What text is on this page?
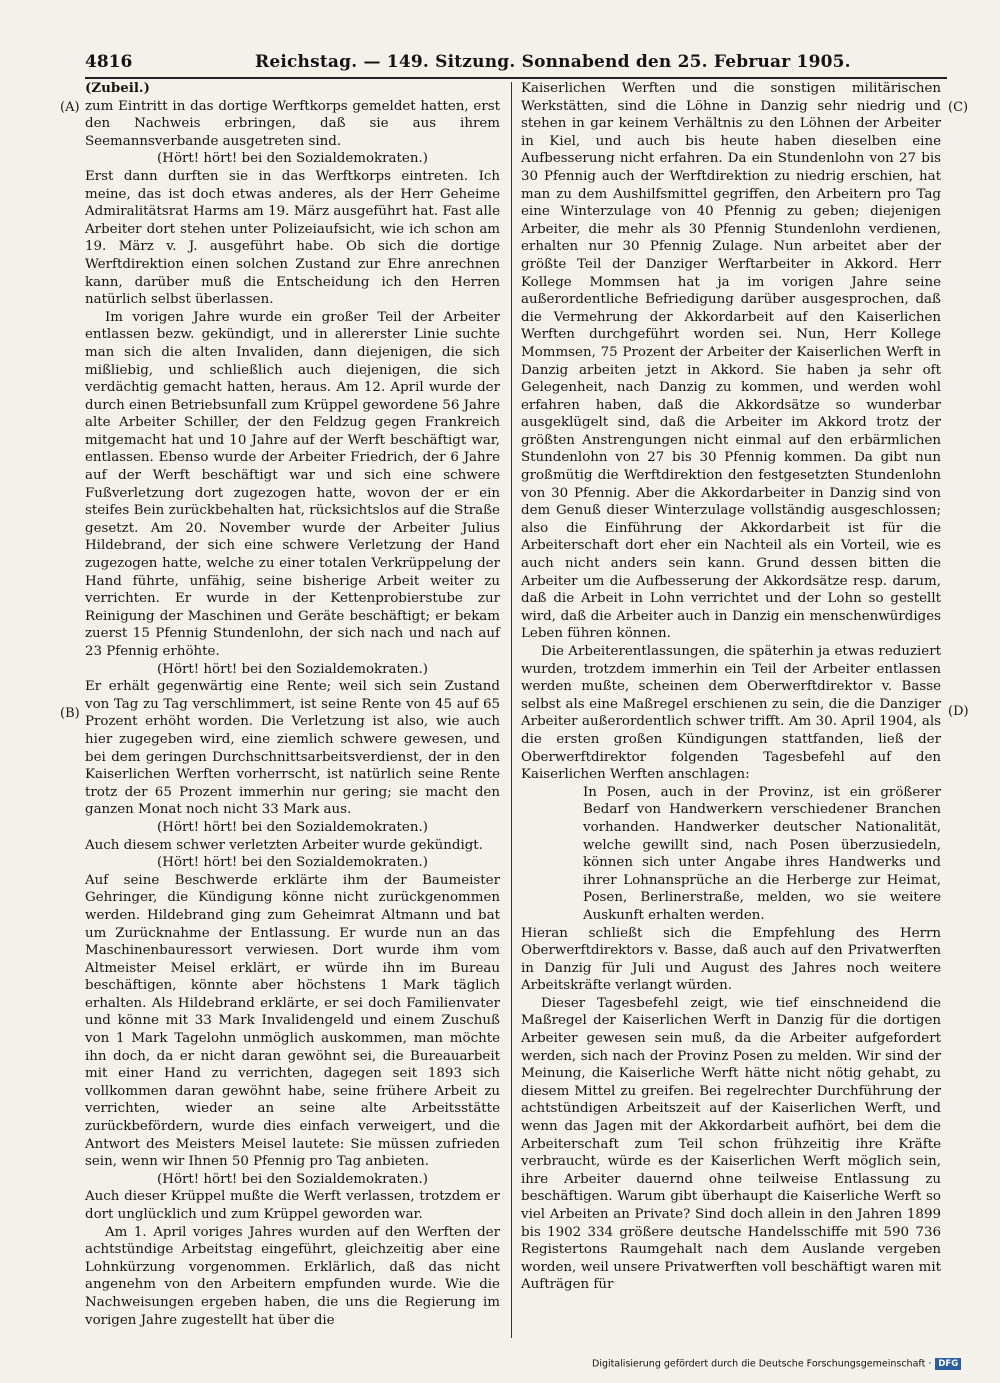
4816	Reichstag. — 149. Sitzung. Sonnabend den 25. Februar 1905.
(A)
(B)
(C)
(D)

(Zubeil.)

zum Eintritt in das dortige Werftkorps gemeldet hatten, erst den Nachweis erbringen, daß sie aus ihrem Seemannsverbande ausgetreten sind.

(Hört! hört! bei den Sozialdemokraten.)

Erst dann durften sie in das Werftkorps eintreten. Ich meine, das ist doch etwas anderes, als der Herr Geheime Admiralitätsrat Harms am 19. März ausgeführt hat. Fast alle Arbeiter dort stehen unter Polizeiaufsicht, wie ich schon am 19. März v. J. ausgeführt habe. Ob sich die dortige Werftdirektion einen solchen Zustand zur Ehre anrechnen kann, darüber muß die Entscheidung ich den Herren natürlich selbst überlassen.

Im vorigen Jahre wurde ein großer Teil der Arbeiter entlassen bezw. gekündigt, und in allererster Linie suchte man sich die alten Invaliden, dann diejenigen, die sich mißliebig, und schließlich auch diejenigen, die sich verdächtig gemacht hatten, heraus. Am 12. April wurde der durch einen Betriebsunfall zum Krüppel gewordene 56 Jahre alte Arbeiter Schiller, der den Feldzug gegen Frankreich mitgemacht hat und 10 Jahre auf der Werft beschäftigt war, entlassen. Ebenso wurde der Arbeiter Friedrich, der 6 Jahre auf der Werft beschäftigt war und sich eine schwere Fußverletzung dort zugezogen hatte, wovon der er ein steifes Bein zurückbehalten hat, rücksichtslos auf die Straße gesetzt. Am 20. November wurde der Arbeiter Julius Hildebrand, der sich eine schwere Verletzung der Hand zugezogen hatte, welche zu einer totalen Verkrüppelung der Hand führte, unfähig, seine bisherige Arbeit weiter zu verrichten. Er wurde in der Kettenprobierstube zur Reinigung der Maschinen und Geräte beschäftigt; er bekam zuerst 15 Pfennig Stundenlohn, der sich nach und nach auf 23 Pfennig erhöhte.

(Hört! hört! bei den Sozialdemokraten.)

Er erhält gegenwärtig eine Rente; weil sich sein Zustand von Tag zu Tag verschlimmert, ist seine Rente von 45 auf 65 Prozent erhöht worden. Die Verletzung ist also, wie auch hier zugegeben wird, eine ziemlich schwere gewesen, und bei dem geringen Durchschnittsarbeitsverdienst, der in den Kaiserlichen Werften vorherrscht, ist natürlich seine Rente trotz der 65 Prozent immerhin nur gering; sie macht den ganzen Monat noch nicht 33 Mark aus.

(Hört! hört! bei den Sozialdemokraten.)

Auch diesem schwer verletzten Arbeiter wurde gekündigt.

(Hört! hört! bei den Sozialdemokraten.)

Auf seine Beschwerde erklärte ihm der Baumeister Gehringer, die Kündigung könne nicht zurückgenommen werden. Hildebrand ging zum Geheimrat Altmann und bat um Zurücknahme der Entlassung. Er wurde nun an das Maschinenbauressort verwiesen. Dort wurde ihm vom Altmeister Meisel erklärt, er würde ihn im Bureau beschäftigen, könnte aber höchstens 1 Mark täglich erhalten. Als Hildebrand erklärte, er sei doch Familienvater und könne mit 33 Mark Invalidengeld und einem Zuschuß von 1 Mark Tagelohn unmöglich auskommen, man möchte ihn doch, da er nicht daran gewöhnt sei, die Bureauarbeit mit einer Hand zu verrichten, dagegen seit 1893 sich vollkommen daran gewöhnt habe, seine frühere Arbeit zu verrichten, wieder an seine alte Arbeitsstätte zurückbefördern, wurde dies einfach verweigert, und die Antwort des Meisters Meisel lautete: Sie müssen zufrieden sein, wenn wir Ihnen 50 Pfennig pro Tag anbieten.

(Hört! hört! bei den Sozialdemokraten.)

Auch dieser Krüppel mußte die Werft verlassen, trotzdem er dort unglücklich und zum Krüppel geworden war.

Am 1. April voriges Jahres wurden auf den Werften der achtstündige Arbeitstag eingeführt, gleichzeitig aber eine Lohnkürzung vorgenommen. Erklärlich, daß das nicht angenehm von den Arbeitern empfunden wurde. Wie die Nachweisungen ergeben haben, die uns die Regierung im vorigen Jahre zugestellt hat über die

Kaiserlichen Werften und die sonstigen militärischen Werkstätten, sind die Löhne in Danzig sehr niedrig und stehen in gar keinem Verhältnis zu den Löhnen der Arbeiter in Kiel, und auch bis heute haben dieselben eine Aufbesserung nicht erfahren. Da ein Stundenlohn von 27 bis 30 Pfennig auch der Werftdirektion zu niedrig erschien, hat man zu dem Aushilfsmittel gegriffen, den Arbeitern pro Tag eine Winterzulage von 40 Pfennig zu geben; diejenigen Arbeiter, die mehr als 30 Pfennig Stundenlohn verdienen, erhalten nur 30 Pfennig Zulage. Nun arbeitet aber der größte Teil der Danziger Werftarbeiter in Akkord. Herr Kollege Mommsen hat ja im vorigen Jahre seine außerordentliche Befriedigung darüber ausgesprochen, daß die Vermehrung der Akkordarbeit auf den Kaiserlichen Werften durchgeführt worden sei. Nun, Herr Kollege Mommsen, 75 Prozent der Arbeiter der Kaiserlichen Werft in Danzig arbeiten jetzt in Akkord. Sie haben ja sehr oft Gelegenheit, nach Danzig zu kommen, und werden wohl erfahren haben, daß die Akkordsätze so wunderbar ausgeklügelt sind, daß die Arbeiter im Akkord trotz der größten Anstrengungen nicht einmal auf den erbärmlichen Stundenlohn von 27 bis 30 Pfennig kommen. Da gibt nun großmütig die Werftdirektion den festgesetzten Stundenlohn von 30 Pfennig. Aber die Akkordarbeiter in Danzig sind von dem Genuß dieser Winterzulage vollständig ausgeschlossen; also die Einführung der Akkordarbeit ist für die Arbeiterschaft dort eher ein Nachteil als ein Vorteil, wie es auch nicht anders sein kann. Grund dessen bitten die Arbeiter um die Aufbesserung der Akkordsätze resp. darum, daß die Arbeit in Lohn verrichtet und der Lohn so gestellt wird, daß die Arbeiter auch in Danzig ein menschenwürdiges Leben führen können.

Die Arbeiterentlassungen, die späterhin ja etwas reduziert wurden, trotzdem immerhin ein Teil der Arbeiter entlassen werden mußte, scheinen dem Oberwerftdirektor v. Basse selbst als eine Maßregel erschienen zu sein, die die Danziger Arbeiter außerordentlich schwer trifft. Am 30. April 1904, als die ersten großen Kündigungen stattfanden, ließ der Oberwerftdirektor folgenden Tagesbefehl auf den Kaiserlichen Werften anschlagen:

In Posen, auch in der Provinz, ist ein größerer Bedarf von Handwerkern verschiedener Branchen vorhanden. Handwerker deutscher Nationalität, welche gewillt sind, nach Posen überzusiedeln, können sich unter Angabe ihres Handwerks und ihrer Lohnansprüche an die Herberge zur Heimat, Posen, Berlinerstraße, melden, wo sie weitere Auskunft erhalten werden.

Hieran schließt sich die Empfehlung des Herrn Oberwerftdirektors v. Basse, daß auch auf den Privatwerften in Danzig für Juli und August des Jahres noch weitere Arbeitskräfte verlangt würden.

Dieser Tagesbefehl zeigt, wie tief einschneidend die Maßregel der Kaiserlichen Werft in Danzig für die dortigen Arbeiter gewesen sein muß, da die Arbeiter aufgefordert werden, sich nach der Provinz Posen zu melden. Wir sind der Meinung, die Kaiserliche Werft hätte nicht nötig gehabt, zu diesem Mittel zu greifen. Bei regelrechter Durchführung der achtstündigen Arbeitszeit auf der Kaiserlichen Werft, und wenn das Jagen mit der Akkordarbeit aufhört, bei dem die Arbeiterschaft zum Teil schon frühzeitig ihre Kräfte verbraucht, würde es der Kaiserlichen Werft möglich sein, ihre Arbeiter dauernd ohne teilweise Entlassung zu beschäftigen. Warum gibt überhaupt die Kaiserliche Werft so viel Arbeiten an Private? Sind doch allein in den Jahren 1899 bis 1902 334 größere deutsche Handelsschiffe mit 590 736 Registertons Raumgehalt nach dem Auslande vergeben worden, weil unsere Privatwerften voll beschäftigt waren mit Aufträgen für

Digitalisierung gefördert durch die Deutsche Forschungsgemeinschaft · DFG
